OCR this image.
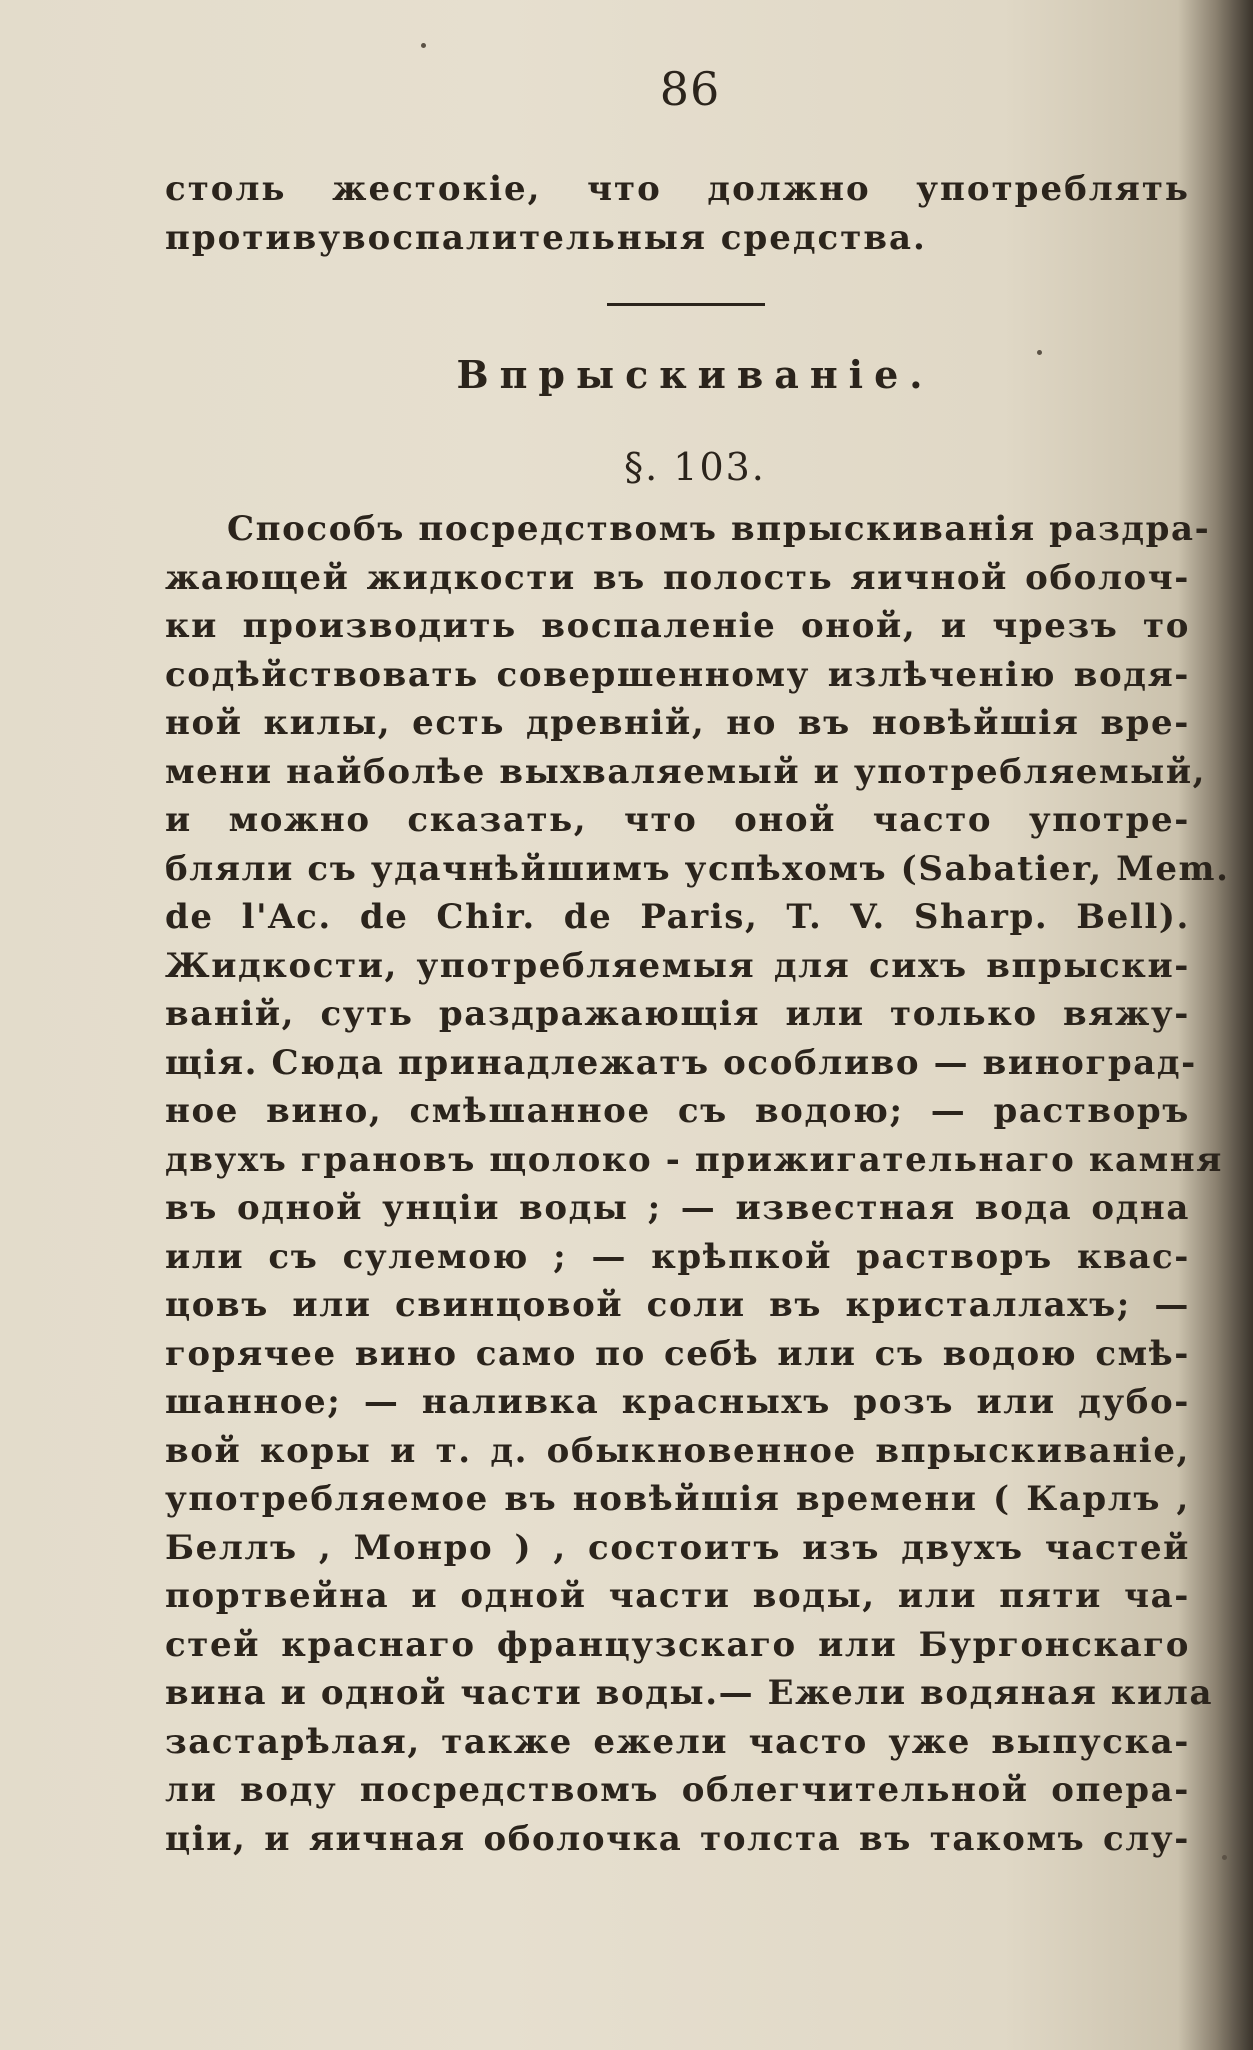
86
столь жестокіе, что должно употреблять
противувоспалительныя средства.
Впрыскиваніе.
§. 103.
Способъ посредствомъ впрыскиванія раздра-
жающей жидкости въ полость яичной оболоч-
ки производить воспаленіе оной, и чрезъ то
содѣйствовать совершенному излѣченію водя-
ной килы, есть древній, но въ новѣйшія вре-
мени найболѣе выхваляемый и употребляемый,
и можно сказать, что оной часто употре-
бляли съ удачнѣйшимъ успѣхомъ (Sabatier, Mem.
de l'Ac. de Chir. de Paris, T. V. Sharp. Bell).
Жидкости, употребляемыя для сихъ впрыски-
ваній, суть раздражающія или только вяжу-
щія. Сюда принадлежатъ особливо — виноград-
ное вино, смѣшанное съ водою; — растворъ
двухъ грановъ щолоко - прижигательнаго камня
въ одной унціи воды ; — известная вода одна
или съ сулемою ; — крѣпкой растворъ квас-
цовъ или свинцовой соли въ кристаллахъ; —
горячее вино само по себѣ или съ водою смѣ-
шанное; — наливка красныхъ розъ или дубо-
вой коры и т. д. обыкновенное впрыскиваніе,
употребляемое въ новѣйшія времени ( Карлъ ,
Беллъ , Монро ) , состоитъ изъ двухъ частей
портвейна и одной части воды, или пяти ча-
стей краснаго французскаго или Бургонскаго
вина и одной части воды.— Ежели водяная кила
застарѣлая, также ежели часто уже выпуска-
ли воду посредствомъ облегчительной опера-
ціи, и яичная оболочка толста въ такомъ слу-
